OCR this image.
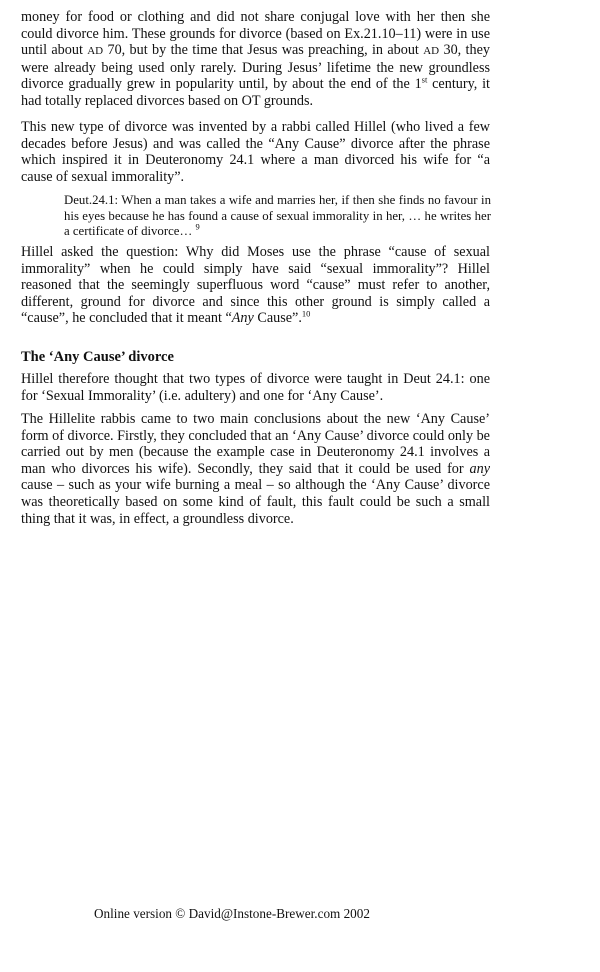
money for food or clothing and did not share conjugal love with her then she could divorce him. These grounds for divorce (based on Ex.21.10–11) were in use until about AD 70, but by the time that Jesus was preaching, in about AD 30, they were already being used only rarely. During Jesus’ lifetime the new groundless divorce gradually grew in popularity until, by about the end of the 1st century, it had totally replaced divorces based on OT grounds.

This new type of divorce was invented by a rabbi called Hillel (who lived a few decades before Jesus) and was called the “Any Cause” divorce after the phrase which inspired it in Deuteronomy 24.1 where a man divorced his wife for “a cause of sexual immorality”.

Deut.24.1: When a man takes a wife and marries her, if then she finds no favour in his eyes because he has found a cause of sexual immorality in her, … he writes her a certificate of divorce… $^9$

Hillel asked the question: Why did Moses use the phrase “cause of sexual immorality” when he could simply have said “sexual immorality”? Hillel reasoned that the seemingly superfluous word “cause” must refer to another, different, ground for divorce and since this other ground is simply called a “cause”, he concluded that it meant “Any Cause”.$^{10}$

The ‘Any Cause’ divorce

Hillel therefore thought that two types of divorce were taught in Deut 24.1: one for ‘Sexual Immorality’ (i.e. adultery) and one for ‘Any Cause’.

The Hillelite rabbis came to two main conclusions about the new ‘Any Cause’ form of divorce. Firstly, they concluded that an ‘Any Cause’ divorce could only be carried out by men (because the example case in Deuteronomy 24.1 involves a man who divorces his wife). Secondly, they said that it could be used for any cause – such as your wife burning a meal – so although the ‘Any Cause’ divorce was theoretically based on some kind of fault, this fault could be such a small thing that it was, in effect, a groundless divorce.

Online version © David@Instone-Brewer.com 2002
